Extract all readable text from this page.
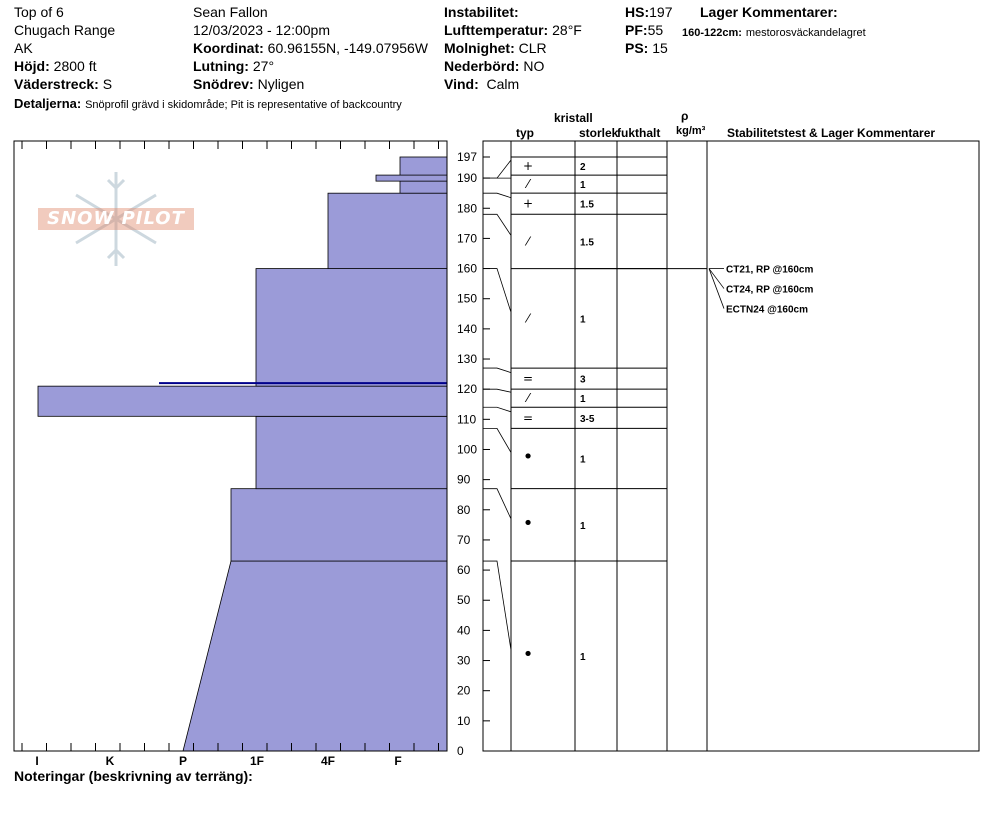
Top of 6
Chugach Range
AK
Höjd: 2800 ft
Väderstreck: S
Detaljerna: Snöprofil grävd i skidområde; Pit is representative of backcountry
Sean Fallon
12/03/2023 - 12:00pm
Koordinat: 60.96155N, -149.07956W
Lutning: 27°
Snödrev: Nyligen
Instabilitet:
Lufttemperatur: 28°F
Molnighet: CLR
Nederbörd: NO
Vind: Calm
HS:197
PF:55
PS: 15
Lager Kommentarer:
160-122cm: mestorosväckandelagret
kristall
typ	storlek
fukthalt
ρ
kg/m³ Stabilitetstest & Lager Kommentarer
I	K	P	1F	4F	F
0
10
20
30
40
50
60
70
80
90
100
110
120
130
140
150
160
170
180
190
197
+	2
⁄	1
+	1.5
⁄	1.5
⁄	1
=	3
⁄	1
=	3-5
•	1
•	1
•	1
CT21, RP @160cm
CT24, RP @160cm
ECTN24 @160cm
SNOW PILOT
Noteringar (beskrivning av terräng):
